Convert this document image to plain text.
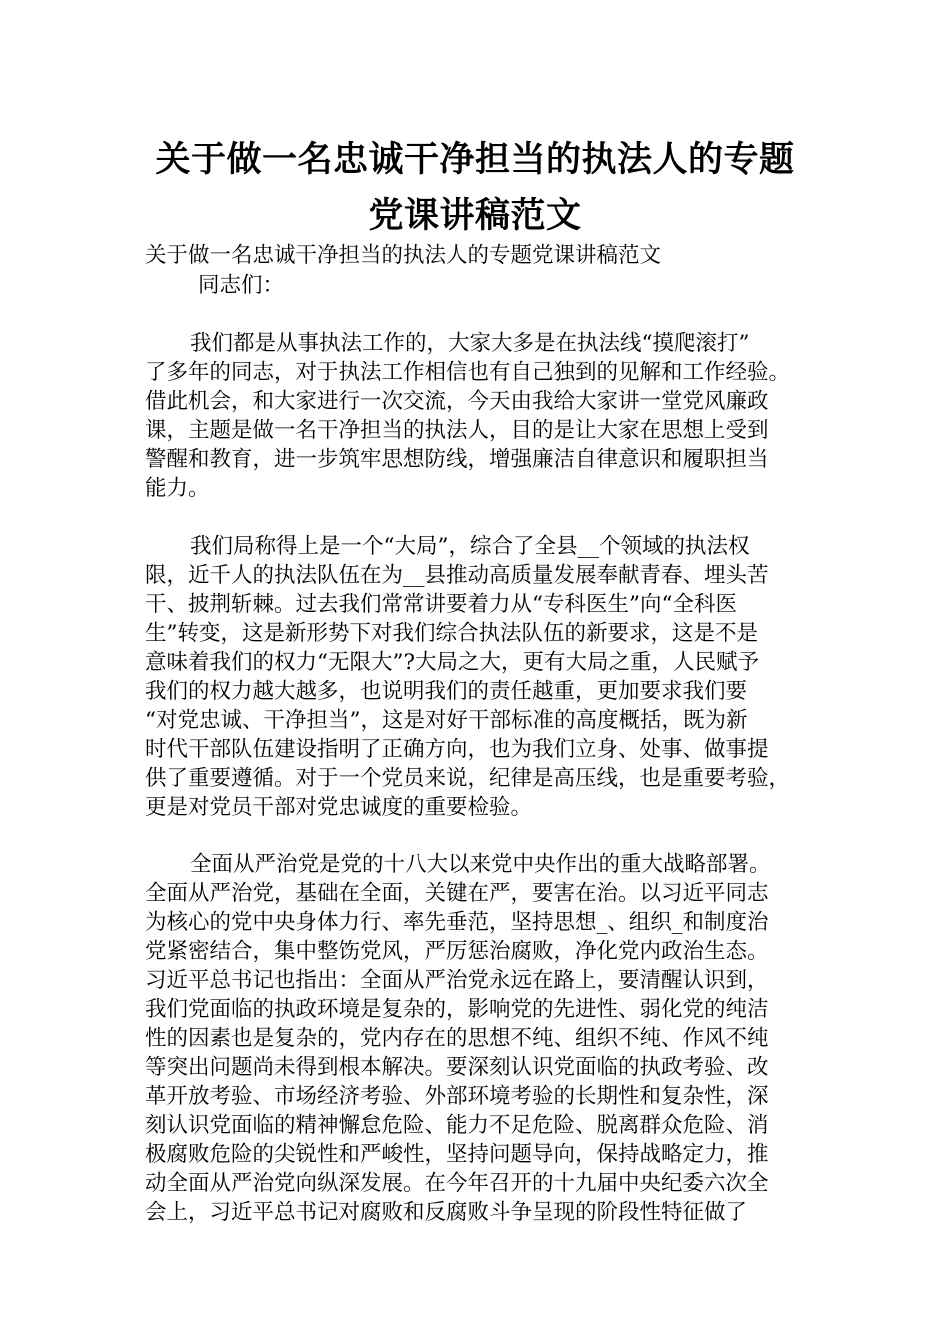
关于做一名忠诚干净担当的执法人的专题
党课讲稿范文

关于做一名忠诚干净担当的执法人的专题党课讲稿范文

同志们：

我们都是从事执法工作的，大家大多是在执法线“摸爬滚打”

了多年的同志，对于执法工作相信也有自己独到的见解和工作经验。

借此机会，和大家进行一次交流，今天由我给大家讲一堂党风廉政

课，主题是做一名干净担当的执法人，目的是让大家在思想上受到

警醒和教育，进一步筑牢思想防线，增强廉洁自律意识和履职担当

能力。

我们局称得上是一个“大局”，综合了全县__个领域的执法权

限，近千人的执法队伍在为__县推动高质量发展奉献青春、埋头苦

干、披荆斩棘。过去我们常常讲要着力从“专科医生”向“全科医

生”转变，这是新形势下对我们综合执法队伍的新要求，这是不是

意味着我们的权力“无限大”?大局之大，更有大局之重，人民赋予

我们的权力越大越多，也说明我们的责任越重，更加要求我们要

“对党忠诚、干净担当”，这是对好干部标准的高度概括，既为新

时代干部队伍建设指明了正确方向，也为我们立身、处事、做事提

供了重要遵循。对于一个党员来说，纪律是高压线，也是重要考验，

更是对党员干部对党忠诚度的重要检验。

全面从严治党是党的十八大以来党中央作出的重大战略部署。

全面从严治党，基础在全面，关键在严，要害在治。以习近平同志

为核心的党中央身体力行、率先垂范，坚持思想_、组织_和制度治

党紧密结合，集中整饬党风，严厉惩治腐败，净化党内政治生态。

习近平总书记也指出：全面从严治党永远在路上，要清醒认识到，

我们党面临的执政环境是复杂的，影响党的先进性、弱化党的纯洁

性的因素也是复杂的，党内存在的思想不纯、组织不纯、作风不纯

等突出问题尚未得到根本解决。要深刻认识党面临的执政考验、改

革开放考验、市场经济考验、外部环境考验的长期性和复杂性，深

刻认识党面临的精神懈怠危险、能力不足危险、脱离群众危险、消

极腐败危险的尖锐性和严峻性，坚持问题导向，保持战略定力，推

动全面从严治党向纵深发展。在今年召开的十九届中央纪委六次全

会上，习近平总书记对腐败和反腐败斗争呈现的阶段性特征做了
